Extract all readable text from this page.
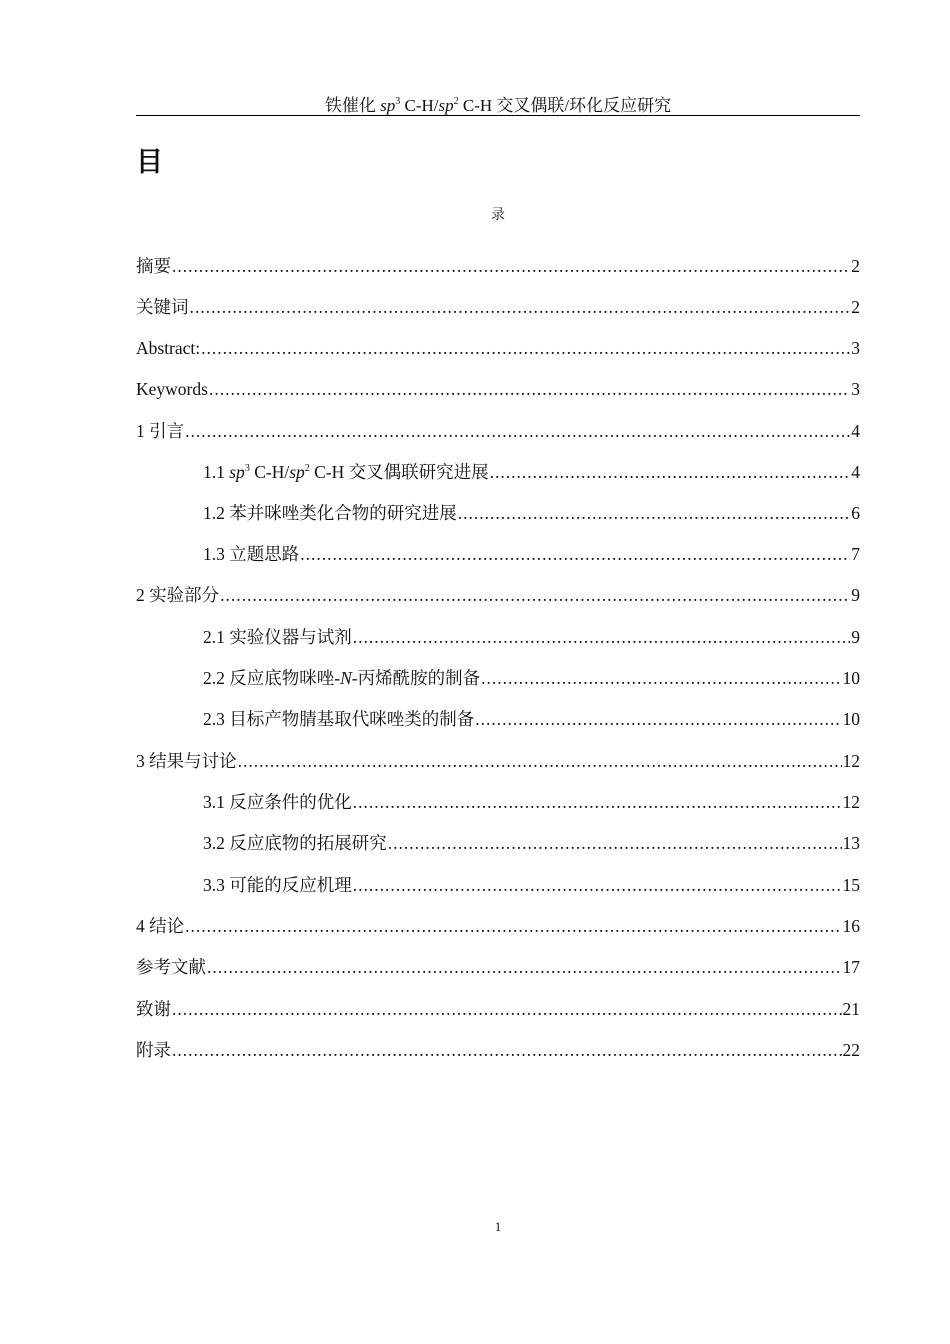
铁催化 $sp^3$ $C-H/sp^2$ C-H 交叉偶联/环化反应研究
目
录
摘要 .....	2
关键词 .....	2
Abstract: .....	3
Keywords .....	3
1 引言 .....	4
1.1 $sp^3$ $C-H/sp^2$ C-H 交叉偶联研究进展 .....	4
1.2 苯并咪唑类化合物的研究进展 .....	6
1.3 立题思路 .....	7
2 实验部分 .....	9
2.1 实验仪器与试剂 .....	9
2.2 反应底物咪唑-N-丙烯酰胺的制备 .....	10
2.3 目标产物腈基取代咪唑类的制备 .....	10
3 结果与讨论 .....	12
3.1 反应条件的优化 .....	12
3.2 反应底物的拓展研究 .....	13
3.3 可能的反应机理 .....	15
4 结论 .....	16
参考文献 .....	17
致谢 .....	21
附录 .....	22
1
